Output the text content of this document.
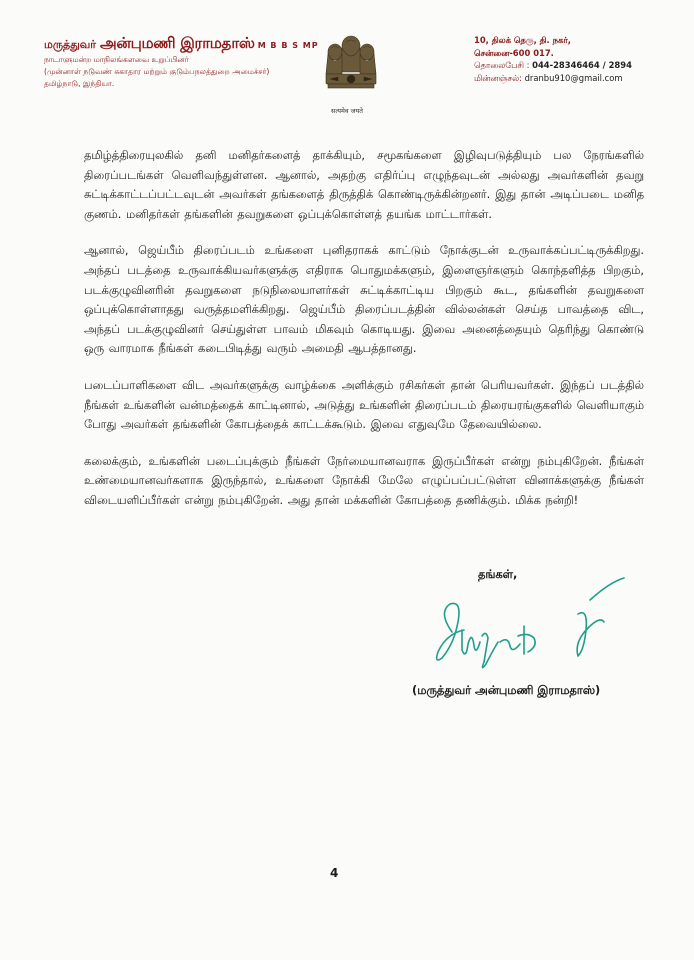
மருத்துவர் அன்புமணி இராமதாஸ் M B B S MP
நாடாளுமன்ற மாநிலங்களவை உறுப்பினர்
(முன்னாள் நடுவண் சுகாதார மற்றும் குடும்பநலத்துறை அமைச்சர்)
தமிழ்நாடு, இந்தியா.
सत्यमेव जयते
10, திலக் தெரு, தி. நகர்,
சென்னை-600 017.
தொலைபேசி : 044-28346464 / 2894
மின்னஞ்சல்: dranbu910@gmail.com

தமிழ்த்திரையுலகில் தனி மனிதர்களைத் தாக்கியும், சமூகங்களை இழிவுபடுத்தியும் பல நேரங்களில் திரைப்படங்கள் வெளிவந்துள்ளன. ஆனால், அதற்கு எதிர்ப்பு எழுந்தவுடன் அல்லது அவர்களின் தவறு சுட்டிக்காட்டப்பட்டவுடன் அவர்கள் தங்களைத் திருத்திக் கொண்டிருக்கின்றனர். இது தான் அடிப்படை மனித குணம். மனிதர்கள் தங்களின் தவறுகளை ஒப்புக்கொள்ளத் தயங்க மாட்டார்கள்.

ஆனால், ஜெய்பீம் திரைப்படம் உங்களை புனிதராகக் காட்டும் நோக்குடன் உருவாக்கப்பட்டிருக்கிறது. அந்தப் படத்தை உருவாக்கியவர்களுக்கு எதிராக பொதுமக்களும், இளைஞர்களும் கொந்தளித்த பிறகும், படக்குழுவினரின் தவறுகளை நடுநிலையாளர்கள் சுட்டிக்காட்டிய பிறகும் கூட, தங்களின் தவறுகளை ஒப்புக்கொள்ளாதது வருத்தமளிக்கிறது. ஜெய்பீம் திரைப்படத்தின் வில்லன்கள் செய்த பாவத்தை விட, அந்தப் படக்குழுவினர் செய்துள்ள பாவம் மிகவும் கொடியது. இவை அனைத்தையும் தெரிந்து கொண்டு ஒரு வாரமாக நீங்கள் கடைபிடித்து வரும் அமைதி ஆபத்தானது.

படைப்பாளிகளை விட அவர்களுக்கு வாழ்க்கை அளிக்கும் ரசிகர்கள் தான் பெரியவர்கள். இந்தப் படத்தில் நீங்கள் உங்களின் வன்மத்தைக் காட்டினால், அடுத்து உங்களின் திரைப்படம் திரையரங்குகளில் வெளியாகும் போது அவர்கள் தங்களின் கோபத்தைக் காட்டக்கூடும். இவை எதுவுமே தேவையில்லை.

கலைக்கும், உங்களின் படைப்புக்கும் நீங்கள் நேர்மையானவராக இருப்பீர்கள் என்று நம்புகிறேன். நீங்கள் உண்மையானவர்களாக இருந்தால், உங்களை நோக்கி மேலே எழுப்பப்பட்டுள்ள வினாக்களுக்கு நீங்கள் விடையளிப்பீர்கள் என்று நம்புகிறேன். அது தான் மக்களின் கோபத்தை தணிக்கும். மிக்க நன்றி!

தங்கள்,
(மருத்துவர் அன்புமணி இராமதாஸ்)
4
